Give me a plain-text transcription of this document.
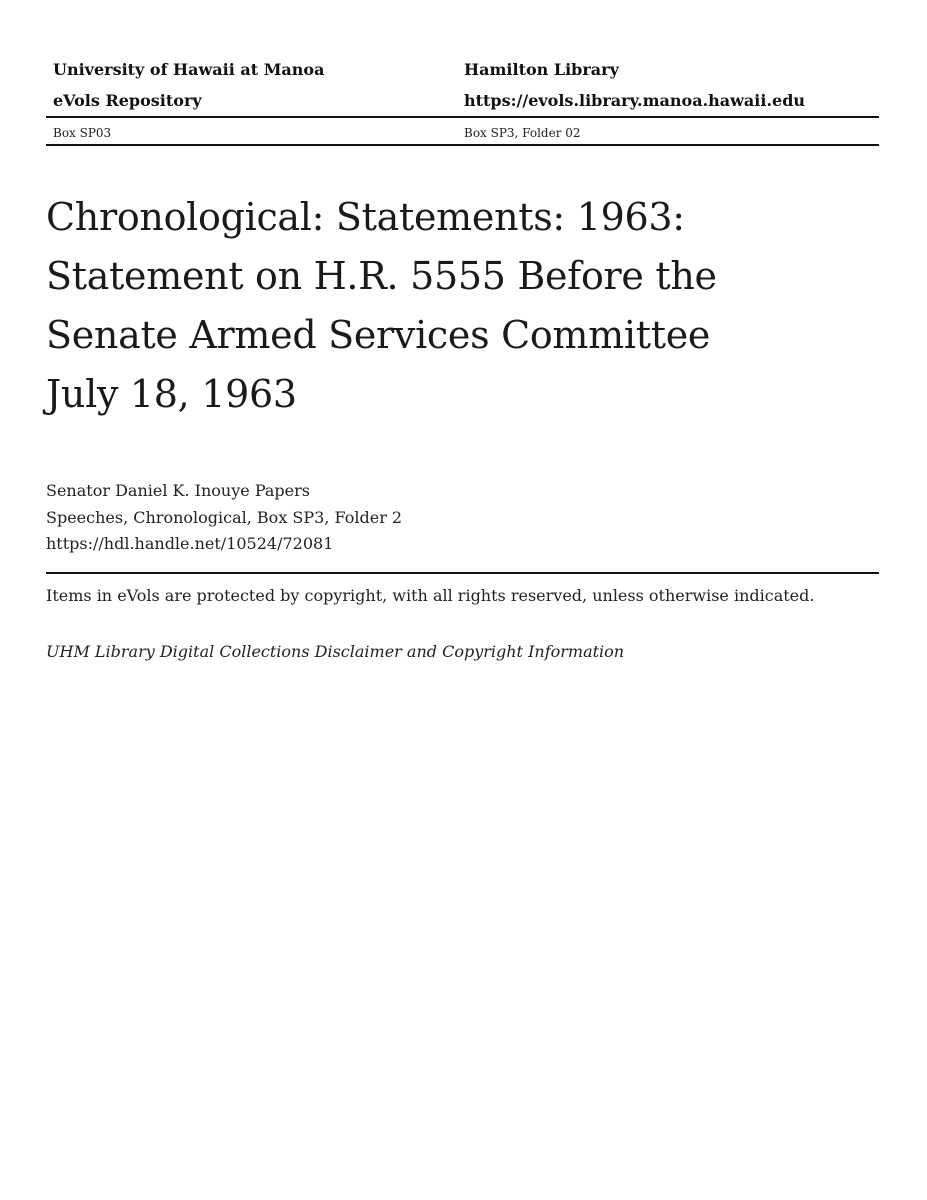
University of Hawaii at Manoa	Hamilton Library
eVols Repository	https://evols.library.manoa.hawaii.edu
Box SP03	Box SP3, Folder 02
Chronological: Statements: 1963:
Statement on H.R. 5555 Before the
Senate Armed Services Committee
July 18, 1963
Senator Daniel K. Inouye Papers
Speeches, Chronological, Box SP3, Folder 2
https://hdl.handle.net/10524/72081
Items in eVols are protected by copyright, with all rights reserved, unless otherwise indicated.
UHM Library Digital Collections Disclaimer and Copyright Information
